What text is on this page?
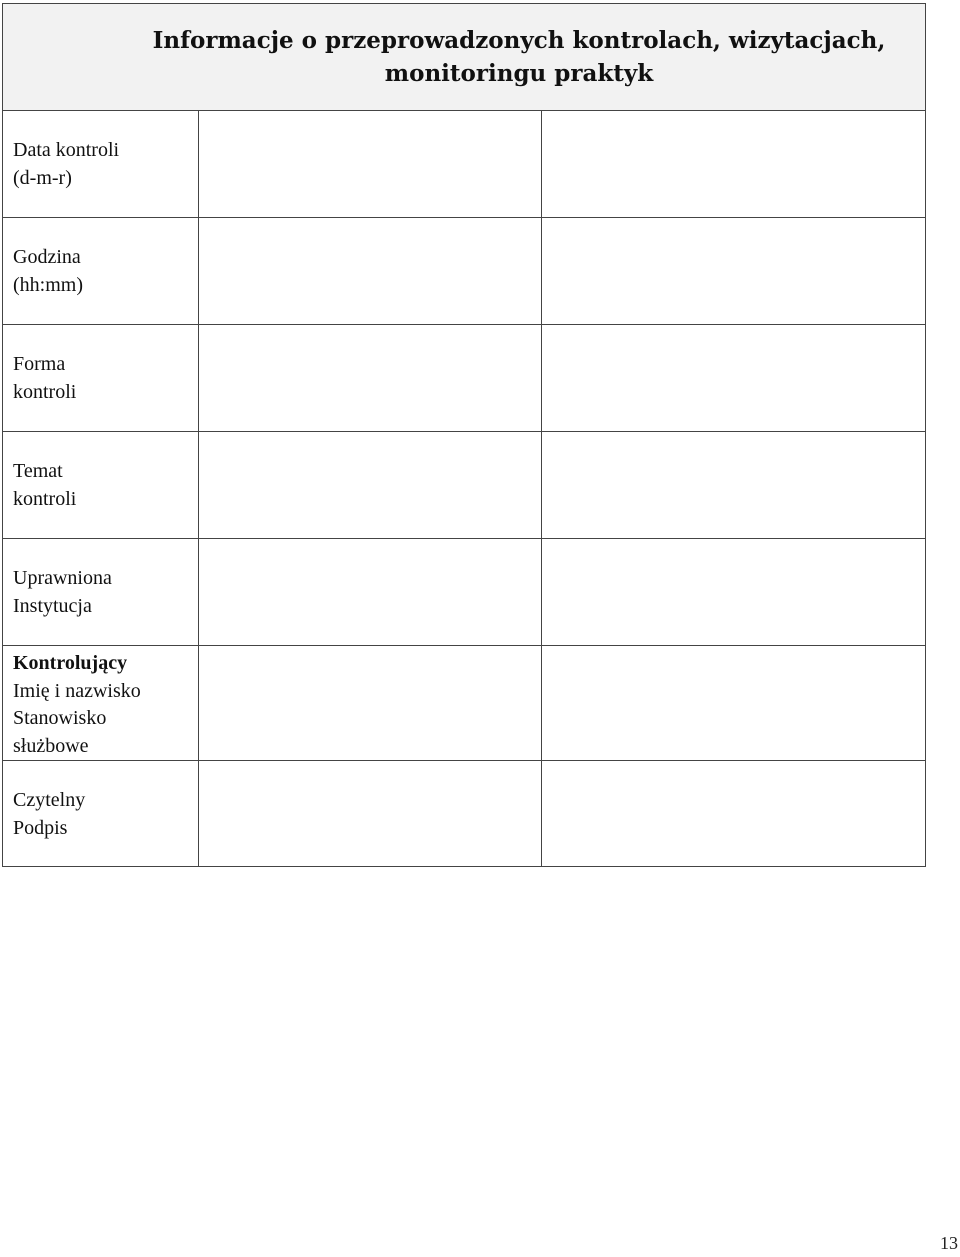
Informacje o przeprowadzonych kontrolach, wizytacjach,
monitoringu praktyk		

Data kontroli
(d-m-r)		

Godzina
(hh:mm)		

Forma
kontroli		

Temat
kontroli		

Uprawniona
Instytucja		

Kontrolujący
Imię i nazwisko
Stanowisko
służbowe		

Czytelny
Podpis		

13
